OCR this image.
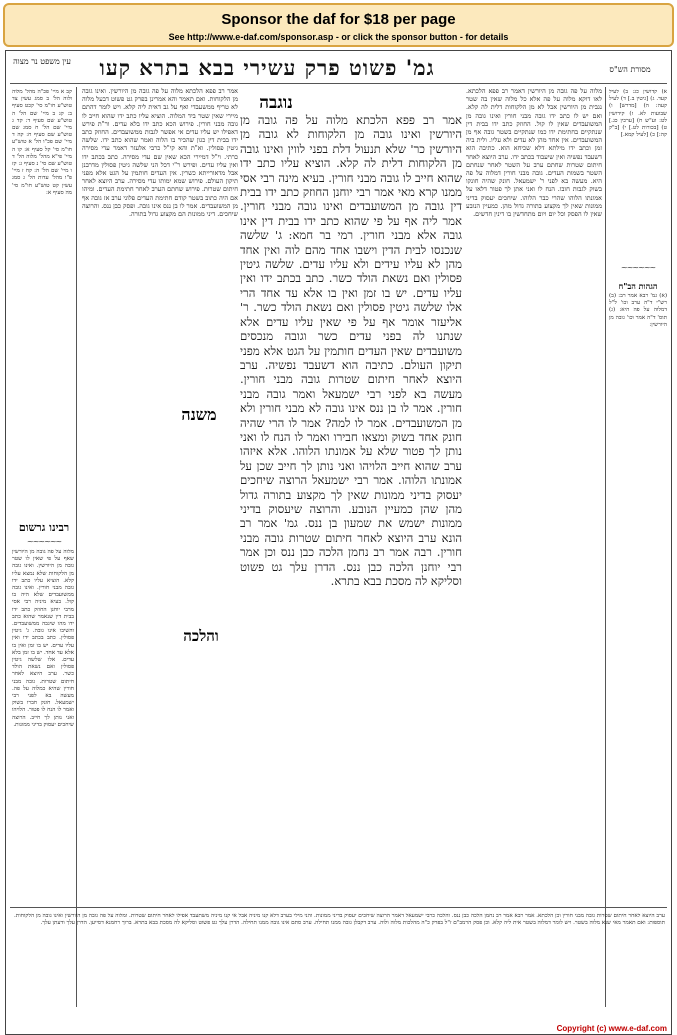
Sponsor the daf for $18 per page
See http://www.e-daf.com/sponsor.asp - or click the sponsor button - for details
עין משפט נר מצוה	גמ' פשוט פרק עשירי בבא בתרא קעו	מסורת הש"ס
קב א מיי' פכ"ה מהל' מלוה ולוה הל' ב סמג עשין צד טוש"ע חו"מ סי' קכט סעיף ב: קג ב מיי' שם הל' ה טוש"ע שם סעיף ד: קד ג מיי' שם הל' ח סמג שם טוש"ע שם סעיף ח: קה ד מיי' שם פכ"ו הל' א טוש"ע חו"מ סי' קל סעיף א: קו ה מיי' פי"א מהל' מלוה הל' ד טוש"ע שם סי' נ סעיף ג: קז ו מיי' שם הל' ה: קח ז מיי' פ"ו מהל' עדות הל' ג סמג עשין קט טוש"ע חו"מ סי' מה סעיף א:
רבינו גרשום
~~~~~~
מלוה על פה גובה מן היורשין שאף על פי שאין לו שטר גובה מן היורשין. ואינו גובה מן הלקוחות שלא נמצא עליו קלא. הוציא עליו כתב ידו גובה מבני חורין. ואינו גובה ממשועבדים שלא היה בו קול. בעיא מיניה רבי אסי מרבי יוחנן החוזק כתב ידו בבית דין שנאמר שהוא כתב ידו מהו שיגבה ממשועבדים. והשיבו אינו גובה. ג' גיטין פסולין. כתב בכתב ידו ואין עליו עדים. יש בו זמן ואין בו אלא עד אחד. יש בו זמן בלא עדים. אלו שלשה גיטין פסולין ואם נשאת הולד כשר. ערב היוצא לאחר חיתום שטרות. גובה מבני חורין שהיא כמלוה על פה. מעשה בא לפני רבי ישמעאל. חונק חברו בשוק ואמר לו הנח לו פטור. הלויהו ואני נותן לך חייב. הרוצה שיחכים יעסוק בדיני ממונות.
אמר רב פפא הלכתא מלוה על פה גובה מן היורשין. ואינו גובה מן הלקוחות. ואם תאמר והא אמרינן בפרק גט פשוט דבעל מלוה לא טריף ממשעבדי ואף על גב דאית ליה קלא. ויש לומר דהתם מיירי שאין שטר ביד המלוה. הוציא עליו כתב ידו שהוא חייב לו גובה מבני חורין. פירוש הכא כתב ידו בלא עדים. ור"ת פירש דאפילו יש עליו עדים אי אפשר לגבות ממשועבדים. החוזק כתב ידו בבית דין כגון שהכיר בו הלוה ואמר שהוא כתב ידו. שלשה גיטין פסולין. וא"ת והא קי"ל כרבי אלעזר דאמר עדי מסירה כרתי. וי"ל דמיירי הכא שאין שם עדי מסירה. כתב בכתב ידו ואין עליו עדים. ופירש ר"י דכל הני שלשה גיטין פסולין מדרבנן אבל מדאורייתא כשרין. אין העדים חותמין על הגט אלא מפני תיקון העולם. פירוש שמא ימותו עדי מסירה. ערב היוצא לאחר חיתום שטרות. פירוש שחתם הערב לאחר חתימת העדים. ומיהו אם היה כתוב בשטר קודם חתימת העדים פלוני ערב אז גובה אף מן המשועבדים. אמר לו בן ננס אינו גובה. ופסק כבן ננס. והרוצה שיחכים. דיני ממונות הם מקצוע גדול בתורה.
משנה
והלכה
נוגבה
אמר רב פפא הלכתא מלוה על פה גובה מן היורשין ואינו גובה מן הלקוחות לא גובה מן היורשין כר' שלא תנעול דלת בפני לווין ואינו גובה מן הלקוחות דלית לה קלא. הוציא עליו כתב ידו שהוא חייב לו גובה מבני חורין. בעיא מינה רבי אסי ממנו קרא מאי אמר רבי יוחנן החוזק כתב ידו בבית דין גובה מן המשועבדים ואינו גובה מבני חורין. אמר ליה אף על פי שהוא כתב ידו בבית דין אינו גובה אלא מבני חורין. רמי בר חמא: ג' שלשה שנכנסו לבית הדין וישבו אחד מהם לוה ואין אחד מהן לא עליו עידים ולא עליו עדים. שלשה גיטין פסולין ואם נשאת הולד כשר. כתב בכתב ידו ואין עליו עדים. יש בו זמן ואין בו אלא עד אחד הרי אלו שלשה גיטין פסולין ואם נשאת הולד כשר. ר' אליעזר אומר אף על פי שאין עליו עדים אלא שנתנו לה בפני עדים כשר וגובה מנכסים משועבדים שאין העדים חותמין על הגט אלא מפני תיקון העולם. כתיבה הוא דשעבד נפשיה. ערב היוצא לאחר חיתום שטרות גובה מבני חורין. מעשה בא לפני רבי ישמעאל ואמר גובה מבני חורין. אמר לו בן ננס אינו גובה לא מבני חורין ולא מן המשועבדים. אמר לו למה? אמר לו הרי שהיה חונק אחד בשוק ומצאו חבירו ואמר לו הנח לו ואני נותן לך פטור שלא על אמונתו הלוהו. אלא איזהו ערב שהוא חייב הלויהו ואני נותן לך חייב שכן על אמונתו הלוהו. אמר רבי ישמעאל הרוצה שיחכים יעסוק בדיני ממונות שאין לך מקצוע בתורה גדול מהן שהן כמעיין הנובע. והרוצה שיעסוק בדיני ממונות ישמש את שמעון בן ננס. גמ' אמר רב הונא ערב היוצא לאחר חיתום שטרות גובה מבני חורין. רבה אמר רב נחמן הלכה כבן ננס וכן אמר רבי יוחנן הלכה כבן ננס. הדרן עלך גט פשוט וסליקא לה מסכת בבא בתרא.
מלוה על פה גובה מן היורשין דאמר רב פפא הלכתא. לאו דוקא מלוה על פה אלא כל מלוה שאין בה שטר נגבית מן היורשין אבל לא מן הלקוחות דלית לה קלא. ואם יש לו כתב ידו גובה מבני חורין ואינו גובה מן המשועבדים שאין לו קול. החוזק כתב ידו בבית דין שנתקיים בחתימת ידו כמו שנתקיים בשטר גובה אף מן המשועבדים. אין אחד מהן לא עדים ולא עליו. ולית ביה זמן וכתב ידו מילתא דלא שכיחא הוא. כתיבה הוא דשעבד נפשיה ואין שיעבוד בכתב ידו. ערב היוצא לאחר חיתום שטרות שחתם ערב על השטר לאחר שנחתם השטר בשמות העדים. גובה מבני חורין דמלוה על פה היא. מעשה בא לפני ר' ישמעאל. חונק שהיה חונקו בשוק לגבות חובו. הנח לו ואני אתן לך פטור דלאו על אמונתו הלוהו שהרי כבר הלוהו. שיחכים יעסוק בדיני ממונות שאין לך מקצוע בתורה גדול מהן. כמעיין הנובע שאין לו הפסק וכל יום ויום מתחדשין בו דינין חדשים.
א) קדושין כג: ב) לעיל קעד. ג) [גיטין ב.] ד) לעיל קעה: ה) [מדרש] ו) שבועות לא. ז) קידושין לט: וע"ש ח) [ערכין כג.] ט) [בכורות לט.] י) [ב"ק קה:] כ) [לעיל קמא.]
~~~~~~
הגהות הב"ח
(א) גמ' רבא אמר רב: (ב) רש"י ד"ה ערב וכו' ל"ל דמלוה על פה היא: (ג) תוס' ד"ה אמר וכו' גובה מן היורשין:
ערב היוצא לאחר חיתום שטרות גובה מבני חורין וכן הלכתא. אמר רבא אמר רב נחמן הלכה כבן ננס. והלכה כרבי ישמעאל דאמר הרוצה שיחכים יעסוק בדיני ממונות. והני מילי בערב דלא קנו מיניה אבל אי קנו מיניה משתעבד אפילו לאחר חיתום שטרות. ומלוה על פה גובה מן היורשין ואינו גובה מן הלקוחות. תוספות: ואם תאמר מאי שנא מלוה בשטר. ויש לומר דמלוה בשטר אית ליה קלא. וכן פסק הרמב"ם ז"ל בפרק כ"ה מהלכות מלוה ולוה. ערב דקבלן גובה ממנו תחילה. ערב סתם אינו גובה ממנו תחילה. הדרן עלך גט פשוט וסליקא לה מסכת בבא בתרא. ברוך רחמנא דסייען. הדרן עלך ודעתן עלך.
Copyright (c) www.e-daf.com
